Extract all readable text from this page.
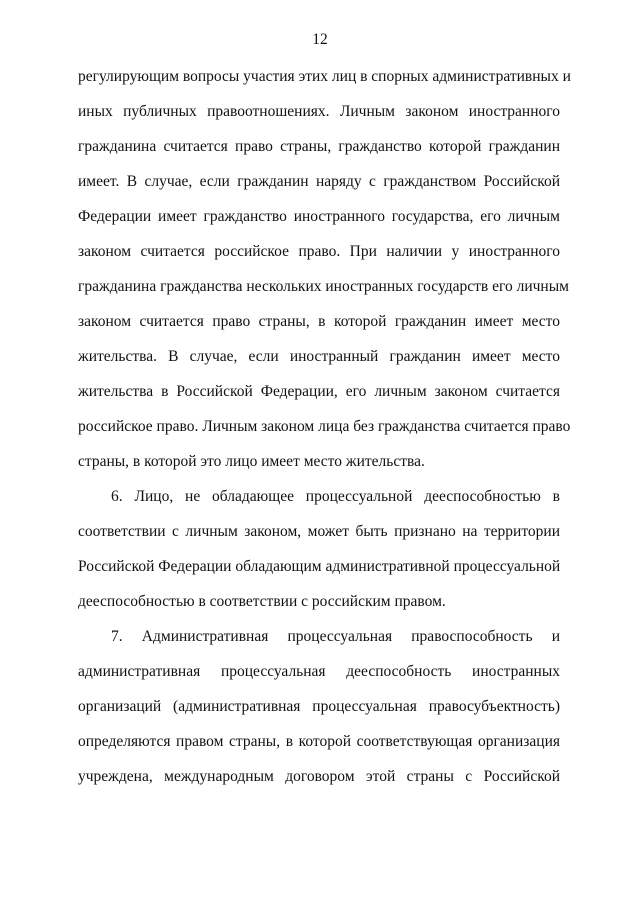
12
регулирующим вопросы участия этих лиц в спорных административных и
иных публичных правоотношениях. Личным законом иностранного
гражданина считается право страны, гражданство которой гражданин
имеет. В случае, если гражданин наряду с гражданством Российской
Федерации имеет гражданство иностранного государства, его личным
законом считается российское право. При наличии у иностранного
гражданина гражданства нескольких иностранных государств его личным
законом считается право страны, в которой гражданин имеет место
жительства. В случае, если иностранный гражданин имеет место
жительства в Российской Федерации, его личным законом считается
российское право. Личным законом лица без гражданства считается право
страны, в которой это лицо имеет место жительства.
6. Лицо, не обладающее процессуальной дееспособностью в
соответствии с личным законом, может быть признано на территории
Российской Федерации обладающим административной процессуальной
дееспособностью в соответствии с российским правом.
7. Административная процессуальная правоспособность и
административная процессуальная дееспособность иностранных
организаций (административная процессуальная правосубъектность)
определяются правом страны, в которой соответствующая организация
учреждена, международным договором этой страны с Российской
